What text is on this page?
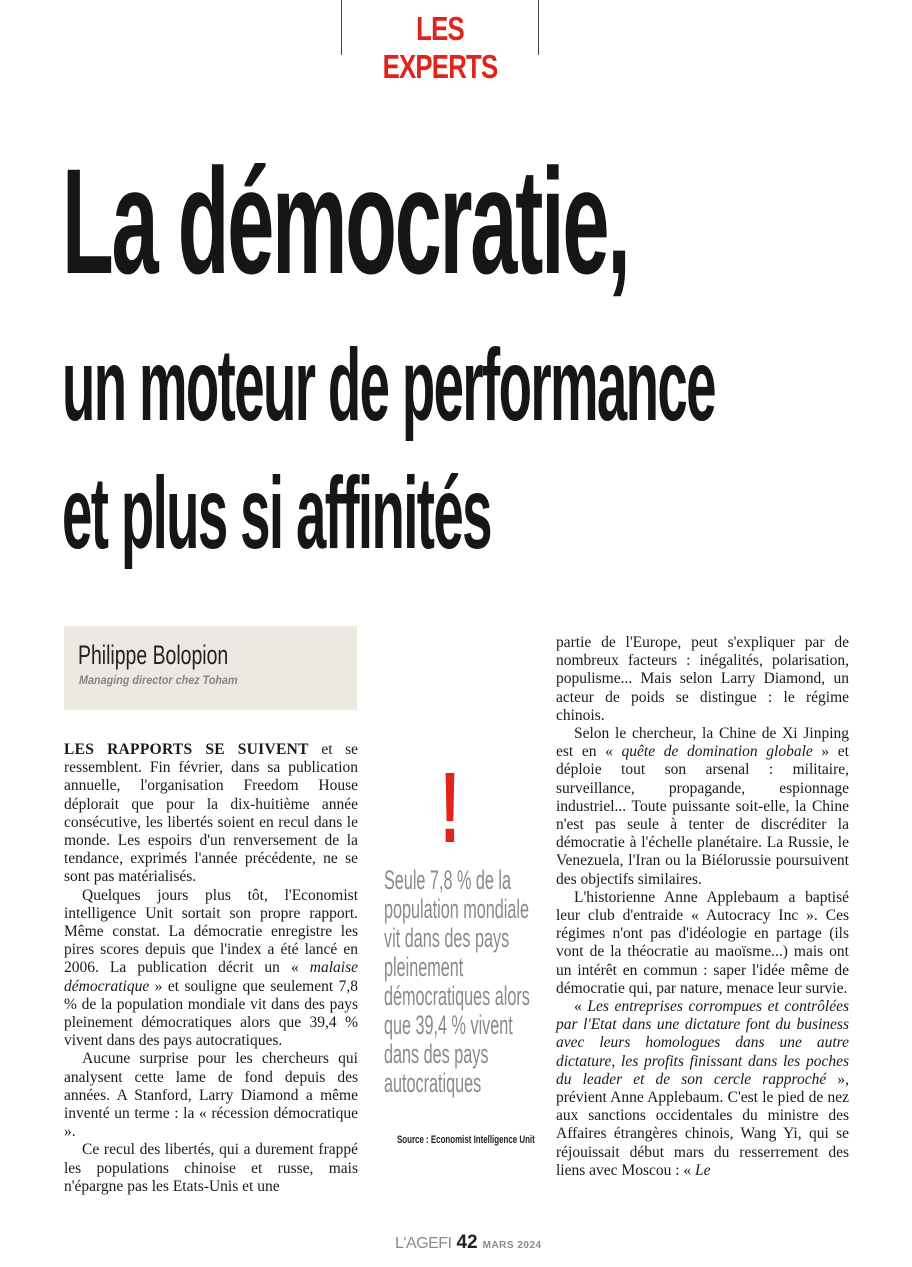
LES EXPERTS
La démocratie,
un moteur de performance
et plus si affinités

Philippe Bolopion

Managing director chez Toham

LES RAPPORTS SE SUIVENT et se ressemblent. Fin février, dans sa publication annuelle, l'organisation Freedom House déplorait que pour la dix-huitième année consécutive, les libertés soient en recul dans le monde. Les espoirs d'un renversement de la tendance, exprimés l'année précédente, ne se sont pas matérialisés.

Quelques jours plus tôt, l'Economist intelligence Unit sortait son propre rapport. Même constat. La démocratie enregistre les pires scores depuis que l'index a été lancé en 2006. La publication décrit un « malaise démocratique » et souligne que seulement 7,8 % de la population mondiale vit dans des pays pleinement démocratiques alors que 39,4 % vivent dans des pays autocratiques.

Aucune surprise pour les chercheurs qui analysent cette lame de fond depuis des années. A Stanford, Larry Diamond a même inventé un terme : la « récession démocratique ».

Ce recul des libertés, qui a durement frappé les populations chinoise et russe, mais n'épargne pas les Etats-Unis et une

partie de l'Europe, peut s'expliquer par de nombreux facteurs : inégalités, polarisation, populisme... Mais selon Larry Diamond, un acteur de poids se distingue : le régime chinois.

Selon le chercheur, la Chine de Xi Jinping est en « quête de domination globale » et déploie tout son arsenal : militaire, surveillance, propagande, espionnage industriel... Toute puissante soit-elle, la Chine n'est pas seule à tenter de discréditer la démocratie à l'échelle planétaire. La Russie, le Venezuela, l'Iran ou la Biélorussie poursuivent des objectifs similaires.

L'historienne Anne Applebaum a baptisé leur club d'entraide « Autocracy Inc ». Ces régimes n'ont pas d'idéologie en partage (ils vont de la théocratie au maoïsme...) mais ont un intérêt en commun : saper l'idée même de démocratie qui, par nature, menace leur survie.

« Les entreprises corrompues et contrôlées par l'Etat dans une dictature font du business avec leurs homologues dans une autre dictature, les profits finissant dans les poches du leader et de son cercle rapproché », prévient Anne Applebaum. C'est le pied de nez aux sanctions occidentales du ministre des Affaires étrangères chinois, Wang Yi, qui se réjouissait début mars du resserrement des liens avec Moscou : « Le

!

Seule 7,8 % de la population mondiale vit dans des pays pleinement démocratiques alors que 39,4 % vivent dans des pays autocratiques

Source : Economist Intelligence Unit

L'AGEFI 42 MARS 2024
